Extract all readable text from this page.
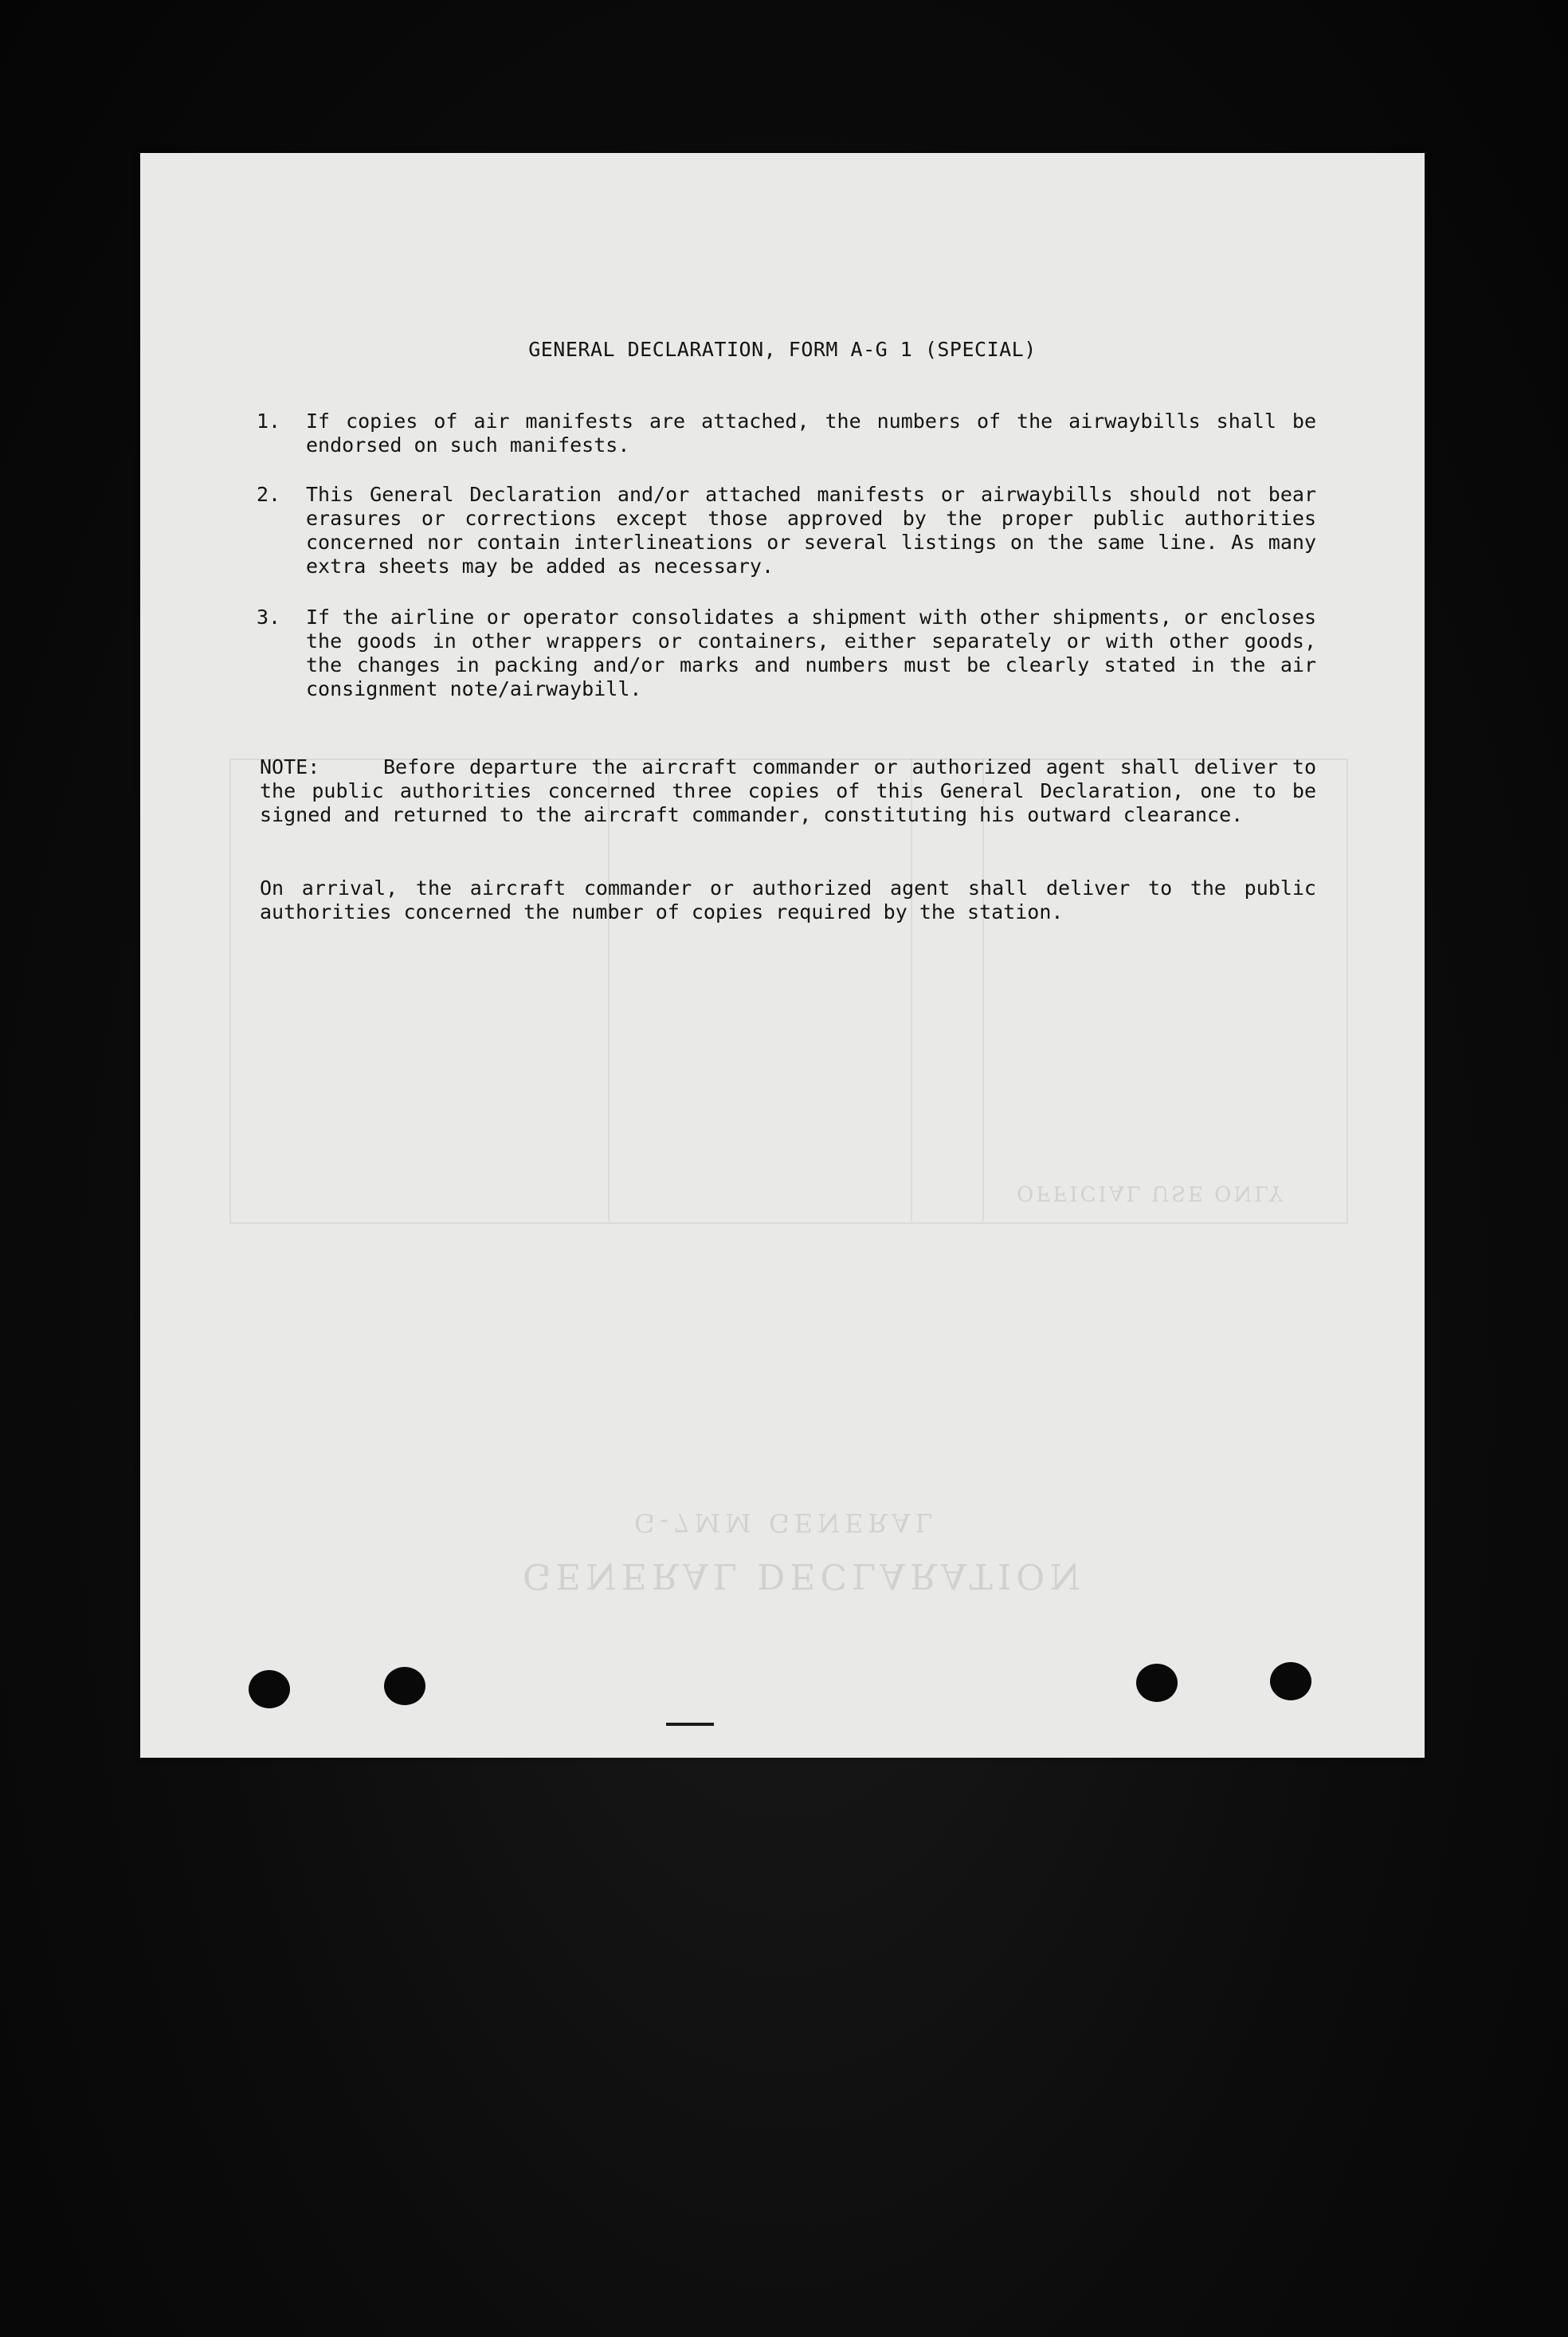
GENERAL DECLARATION
G-7MM GENERAL
OFFICIAL USE ONLY
GENERAL DECLARATION, FORM A-G 1 (SPECIAL)
1.	If copies of air manifests are attached, the numbers of the airwaybills shall be endorsed on such manifests.
2.	This General Declaration and/or attached manifests or airwaybills should not bear erasures or corrections except those approved by the proper public authorities concerned nor contain interlineations or several listings on the same line. As many extra sheets may be added as necessary.
3.	If the airline or operator consolidates a shipment with other shipments, or encloses the goods in other wrappers or containers, either separately or with other goods, the changes in packing and/or marks and numbers must be clearly stated in the air consignment note/airwaybill.
NOTE:	Before departure the aircraft commander or authorized agent shall deliver to the public authorities concerned three copies of this General Declaration, one to be signed and returned to the aircraft commander, constituting his outward clearance.
On arrival, the aircraft commander or authorized agent shall deliver to the public authorities concerned the number of copies required by the station.
